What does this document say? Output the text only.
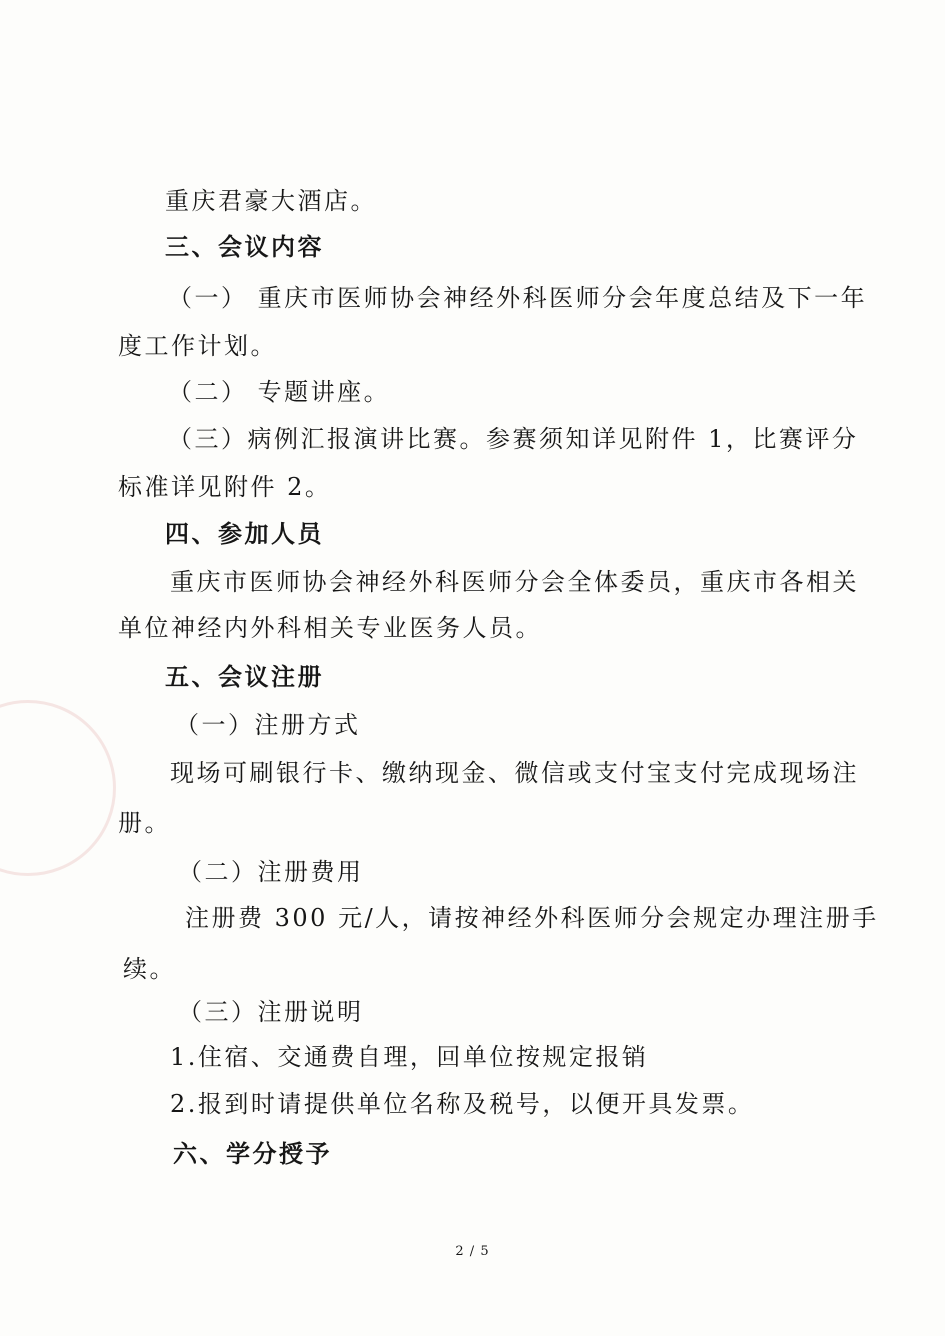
重庆君豪大酒店。
三、会议内容
（一） 重庆市医师协会神经外科医师分会年度总结及下一年
度工作计划。
（二） 专题讲座。
（三）病例汇报演讲比赛。参赛须知详见附件 1，比赛评分
标准详见附件 2。
四、参加人员
重庆市医师协会神经外科医师分会全体委员，重庆市各相关
单位神经内外科相关专业医务人员。
五、会议注册
（一）注册方式
现场可刷银行卡、缴纳现金、微信或支付宝支付完成现场注
册。
（二）注册费用
注册费 300 元/人，请按神经外科医师分会规定办理注册手
续。
（三）注册说明
1.住宿、交通费自理，回单位按规定报销
2.报到时请提供单位名称及税号，以便开具发票。
六、学分授予
2 / 5
